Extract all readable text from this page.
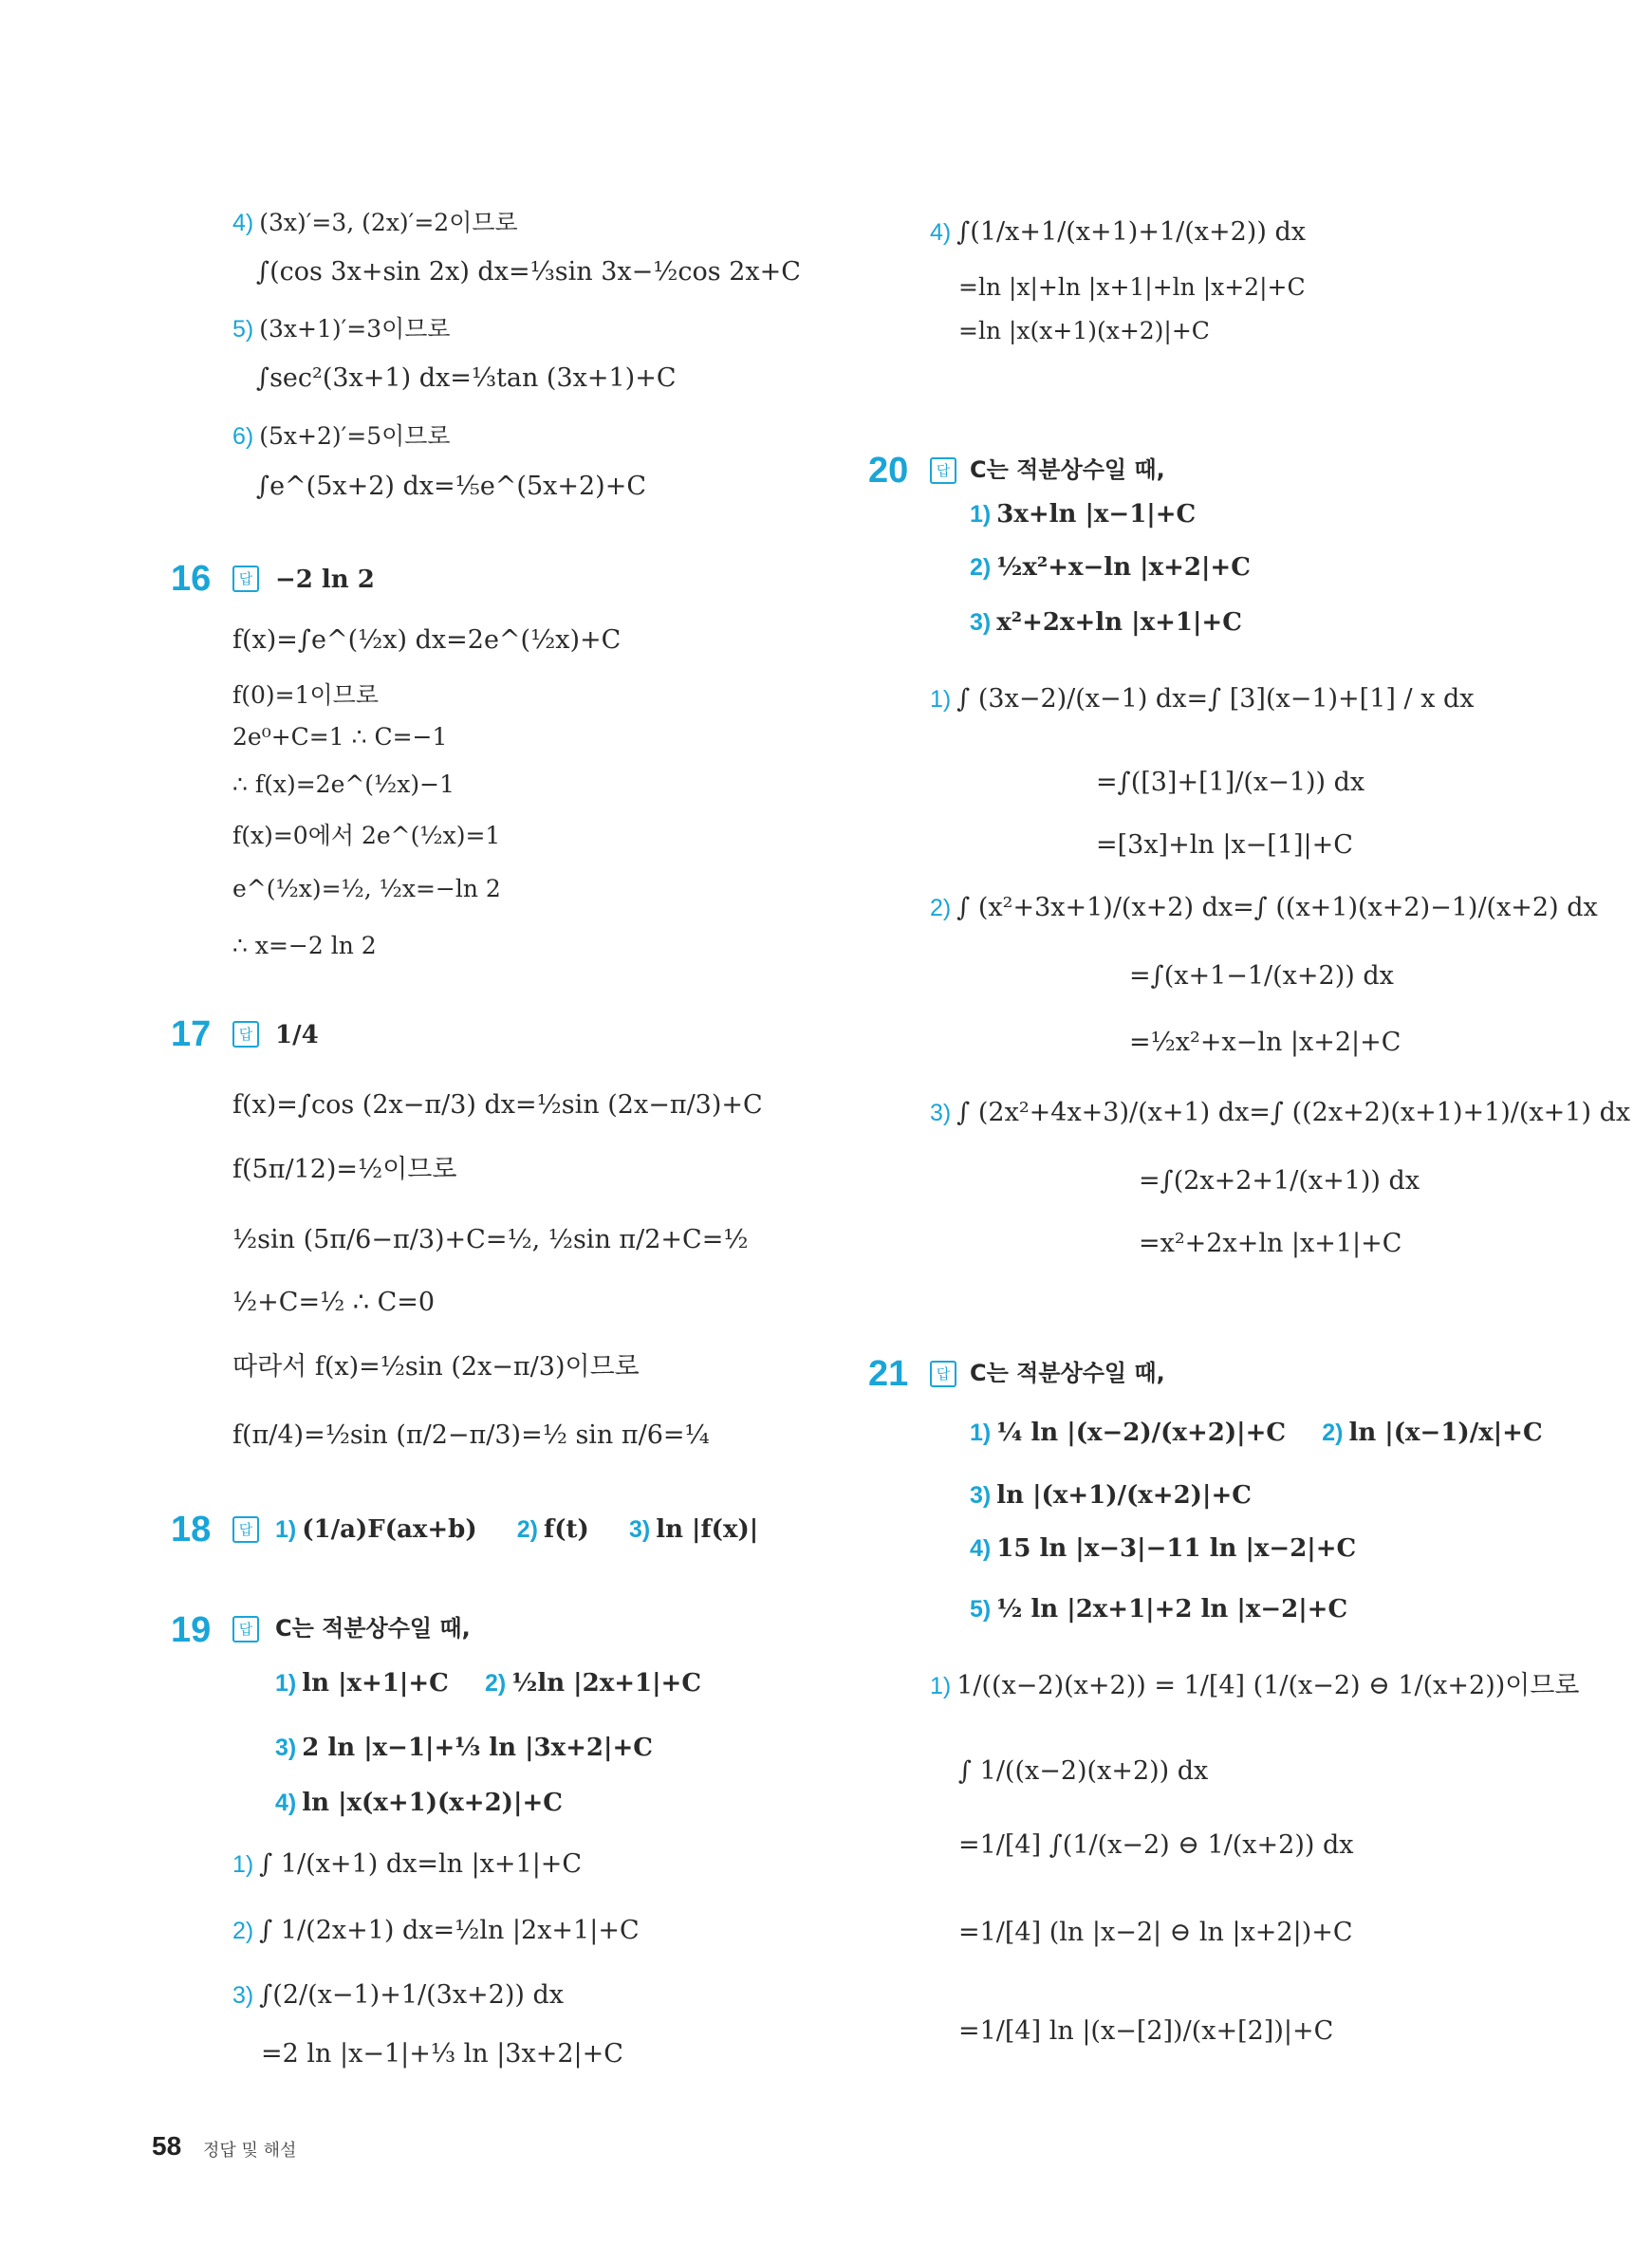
4) (3x)′=3, (2x)′=2이므로
∫(cos 3x+sin 2x) dx=⅓sin 3x−½cos 2x+C
5) (3x+1)′=3이므로
∫sec²(3x+1) dx=⅓tan (3x+1)+C
6) (5x+2)′=5이므로
∫e^(5x+2) dx=⅕e^(5x+2)+C
16	답 −2 ln 2
f(x)=∫e^(½x) dx=2e^(½x)+C
f(0)=1이므로
2e⁰+C=1 ∴ C=−1
∴ f(x)=2e^(½x)−1
f(x)=0에서 2e^(½x)=1
e^(½x)=½, ½x=−ln 2
∴ x=−2 ln 2
17	답 1/4
f(x)=∫cos (2x−π/3) dx=½sin (2x−π/3)+C
f(5π/12)=½이므로
½sin (5π/6−π/3)+C=½, ½sin π/2+C=½
½+C=½ ∴ C=0
따라서 f(x)=½sin (2x−π/3)이므로
f(π/4)=½sin (π/2−π/3)=½ sin π/6=¼
18	답 1) (1/a)F(ax+b) 2) f(t) 3) ln |f(x)|
19	답 C는 적분상수일 때,
1) ln |x+1|+C 2) ½ln |2x+1|+C
3) 2 ln |x−1|+⅓ ln |3x+2|+C
4) ln |x(x+1)(x+2)|+C
1) ∫ 1/(x+1) dx=ln |x+1|+C
2) ∫ 1/(2x+1) dx=½ln |2x+1|+C
3) ∫(2/(x−1)+1/(3x+2)) dx
=2 ln |x−1|+⅓ ln |3x+2|+C
4) ∫(1/x+1/(x+1)+1/(x+2)) dx
=ln |x|+ln |x+1|+ln |x+2|+C
=ln |x(x+1)(x+2)|+C
20	답 C는 적분상수일 때,
1) 3x+ln |x−1|+C
2) ½x²+x−ln |x+2|+C
3) x²+2x+ln |x+1|+C
1) ∫ (3x−2)/(x−1) dx=∫ [3](x−1)+[1] / x dx
=∫([3]+[1]/(x−1)) dx
=[3x]+ln |x−[1]|+C
2) ∫ (x²+3x+1)/(x+2) dx=∫ ((x+1)(x+2)−1)/(x+2) dx
=∫(x+1−1/(x+2)) dx
=½x²+x−ln |x+2|+C
3) ∫ (2x²+4x+3)/(x+1) dx=∫ ((2x+2)(x+1)+1)/(x+1) dx
=∫(2x+2+1/(x+1)) dx
=x²+2x+ln |x+1|+C
21	답 C는 적분상수일 때,
1) ¼ ln |(x−2)/(x+2)|+C 2) ln |(x−1)/x|+C
3) ln |(x+1)/(x+2)|+C
4) 15 ln |x−3|−11 ln |x−2|+C
5) ½ ln |2x+1|+2 ln |x−2|+C
1) 1/((x−2)(x+2)) = 1/[4] (1/(x−2) ⊖ 1/(x+2))이므로
∫ 1/((x−2)(x+2)) dx
=1/[4] ∫(1/(x−2) ⊖ 1/(x+2)) dx
=1/[4] (ln |x−2| ⊖ ln |x+2|)+C
=1/[4] ln |(x−[2])/(x+[2])|+C
58 정답 및 해설
